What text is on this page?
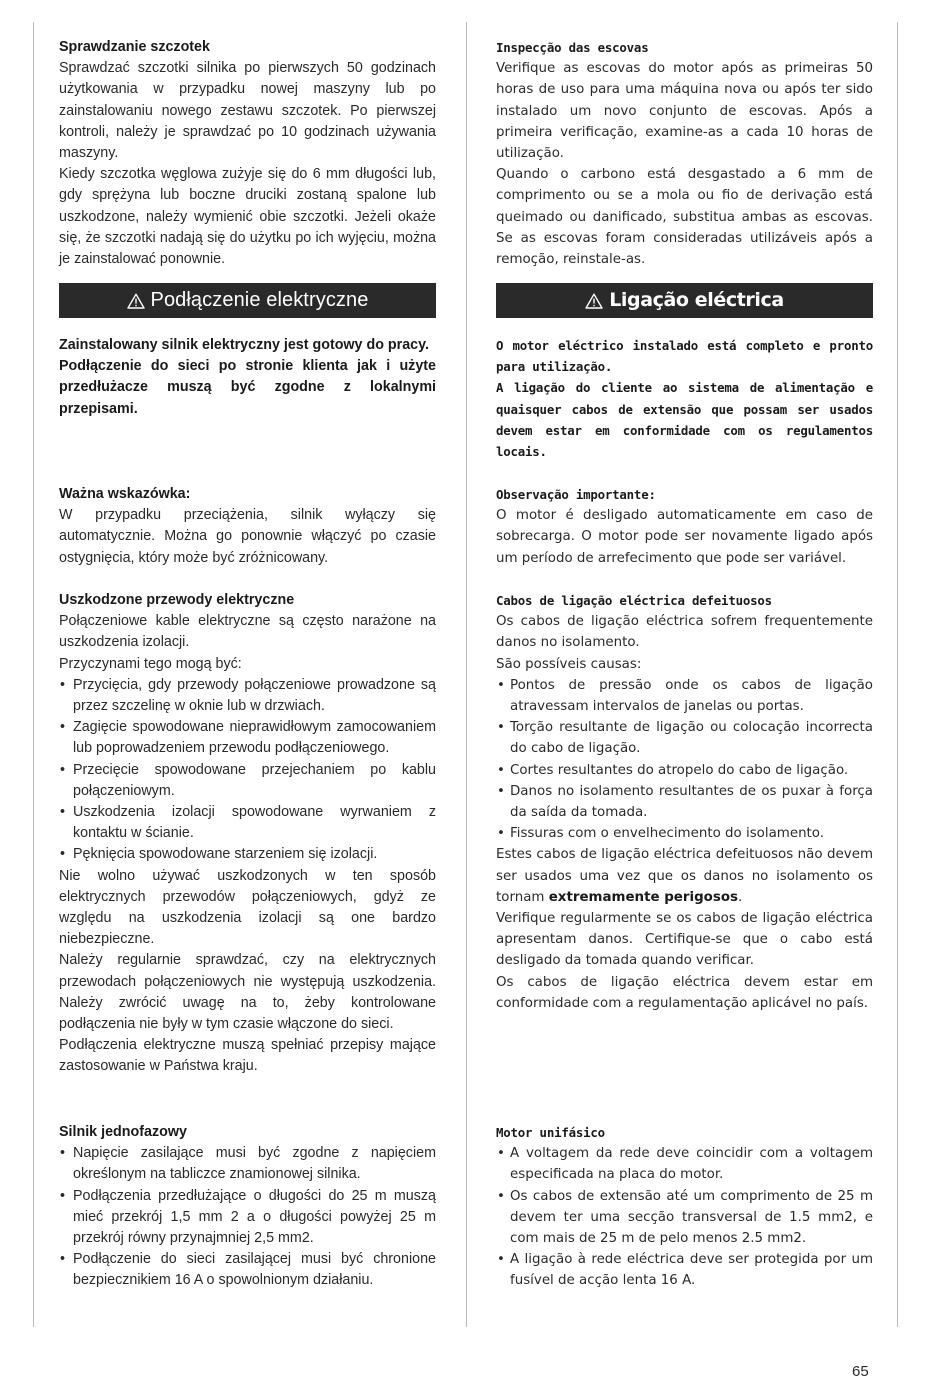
Sprawdzanie szczotek

Sprawdzać szczotki silnika po pierwszych 50 godzinach użytkowania w przypadku nowej maszyny lub po zainstalowaniu nowego zestawu szczotek. Po pierwszej kontroli, należy je sprawdzać po 10 godzinach używania maszyny.

Kiedy szczotka węglowa zużyje się do 6 mm długości lub, gdy sprężyna lub boczne druciki zostaną spalone lub uszkodzone, należy wymienić obie szczotki. Jeżeli okaże się, że szczotki nadają się do użytku po ich wyjęciu, można je zainstalować ponownie.

Podłączenie elektryczne

Zainstalowany silnik elektryczny jest gotowy do pracy.

Podłączenie do sieci po stronie klienta jak i użyte przedłużacze muszą być zgodne z lokalnymi przepisami.

Ważna wskazówka:

W przypadku przeciążenia, silnik wyłączy się automatycznie. Można go ponownie włączyć po czasie ostygnięcia, który może być zróżnicowany.

Uszkodzone przewody elektryczne

Połączeniowe kable elektryczne są często narażone na uszkodzenia izolacji.

Przyczynami tego mogą być:

• Przycięcia, gdy przewody połączeniowe prowadzone są przez szczelinę w oknie lub w drzwiach.
• Zagięcie spowodowane nieprawidłowym zamocowaniem lub poprowadzeniem przewodu podłączeniowego.
• Przecięcie spowodowane przejechaniem po kablu połączeniowym.
• Uszkodzenia izolacji spowodowane wyrwaniem z kontaktu w ścianie.
• Pęknięcia spowodowane starzeniem się izolacji.

Nie wolno używać uszkodzonych w ten sposób elektrycznych przewodów połączeniowych, gdyż ze względu na uszkodzenia izolacji są one bardzo niebezpieczne.

Należy regularnie sprawdzać, czy na elektrycznych przewodach połączeniowych nie występują uszkodzenia. Należy zwrócić uwagę na to, żeby kontrolowane podłączenia nie były w tym czasie włączone do sieci.

Podłączenia elektryczne muszą spełniać przepisy mające zastosowanie w Państwa kraju.

Silnik jednofazowy

• Napięcie zasilające musi być zgodne z napięciem określonym na tabliczce znamionowej silnika.
• Podłączenia przedłużające o długości do 25 m muszą mieć przekrój 1,5 mm 2 a o długości powyżej 25 m przekrój równy przynajmniej 2,5 mm2.
• Podłączenie do sieci zasilającej musi być chronione bezpiecznikiem 16 A o spowolnionym działaniu.

Inspecção das escovas

Verifique as escovas do motor após as primeiras 50 horas de uso para uma máquina nova ou após ter sido instalado um novo conjunto de escovas. Após a primeira verificação, examine-as a cada 10 horas de utilização.

Quando o carbono está desgastado a 6 mm de comprimento ou se a mola ou fio de derivação está queimado ou danificado, substitua ambas as escovas. Se as escovas foram consideradas utilizáveis após a remoção, reinstale-as.

Ligação eléctrica

O motor eléctrico instalado está completo e pronto para utilização.

A ligação do cliente ao sistema de alimentação e quaisquer cabos de extensão que possam ser usados devem estar em conformidade com os regulamentos locais.

Observação importante:

O motor é desligado automaticamente em caso de sobrecarga. O motor pode ser novamente ligado após um período de arrefecimento que pode ser variável.

Cabos de ligação eléctrica defeituosos

Os cabos de ligação eléctrica sofrem frequentemente danos no isolamento.

São possíveis causas:

• Pontos de pressão onde os cabos de ligação atravessam intervalos de janelas ou portas.
• Torção resultante de ligação ou colocação incorrecta do cabo de ligação.
• Cortes resultantes do atropelo do cabo de ligação.
• Danos no isolamento resultantes de os puxar à força da saída da tomada.
• Fissuras com o envelhecimento do isolamento.

Estes cabos de ligação eléctrica defeituosos não devem ser usados uma vez que os danos no isolamento os tornam extremamente perigosos.

Verifique regularmente se os cabos de ligação eléctrica apresentam danos. Certifique-se que o cabo está desligado da tomada quando verificar.

Os cabos de ligação eléctrica devem estar em conformidade com a regulamentação aplicável no país.

Motor unifásico

• A voltagem da rede deve coincidir com a voltagem especificada na placa do motor.
• Os cabos de extensão até um comprimento de 25 m devem ter uma secção transversal de 1.5 mm2, e com mais de 25 m de pelo menos 2.5 mm2.
• A ligação à rede eléctrica deve ser protegida por um fusível de acção lenta 16 A.
65
